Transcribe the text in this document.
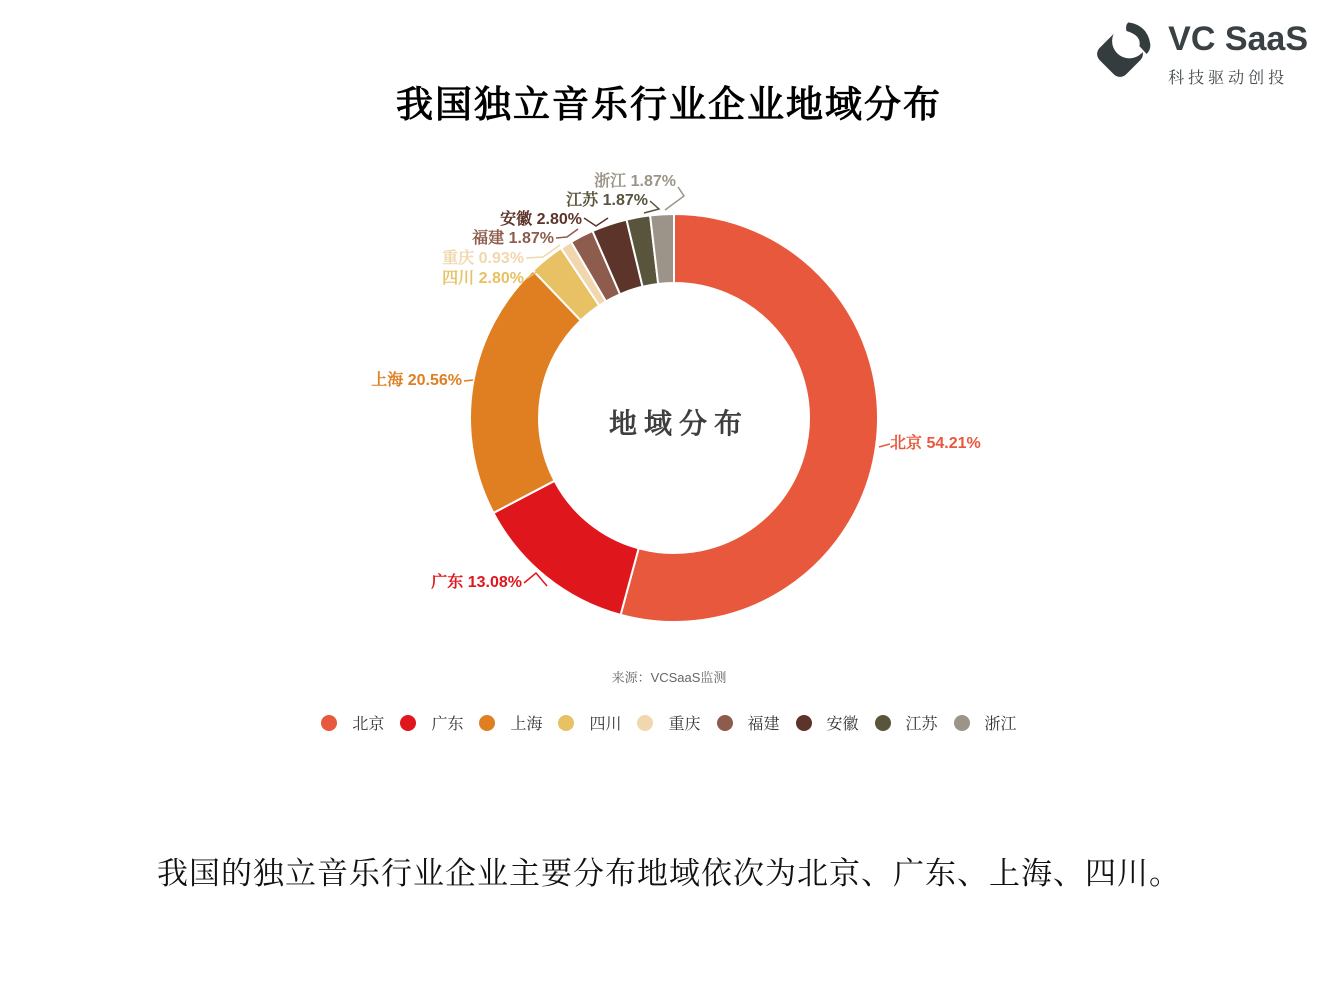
我国独立音乐行业企业地域分布
VC SaaS
科技驱动创投
地域分布
北京 54.21%
广东 13.08%
上海 20.56%
四川 2.80%
重庆 0.93%
福建 1.87%
安徽 2.80%
江苏 1.87%
浙江 1.87%
来源：VCSaaS监测
北京	广东	上海	四川	重庆	福建	安徽	江苏	浙江
我国的独立音乐行业企业主要分布地域依次为北京、广东、上海、四川。
